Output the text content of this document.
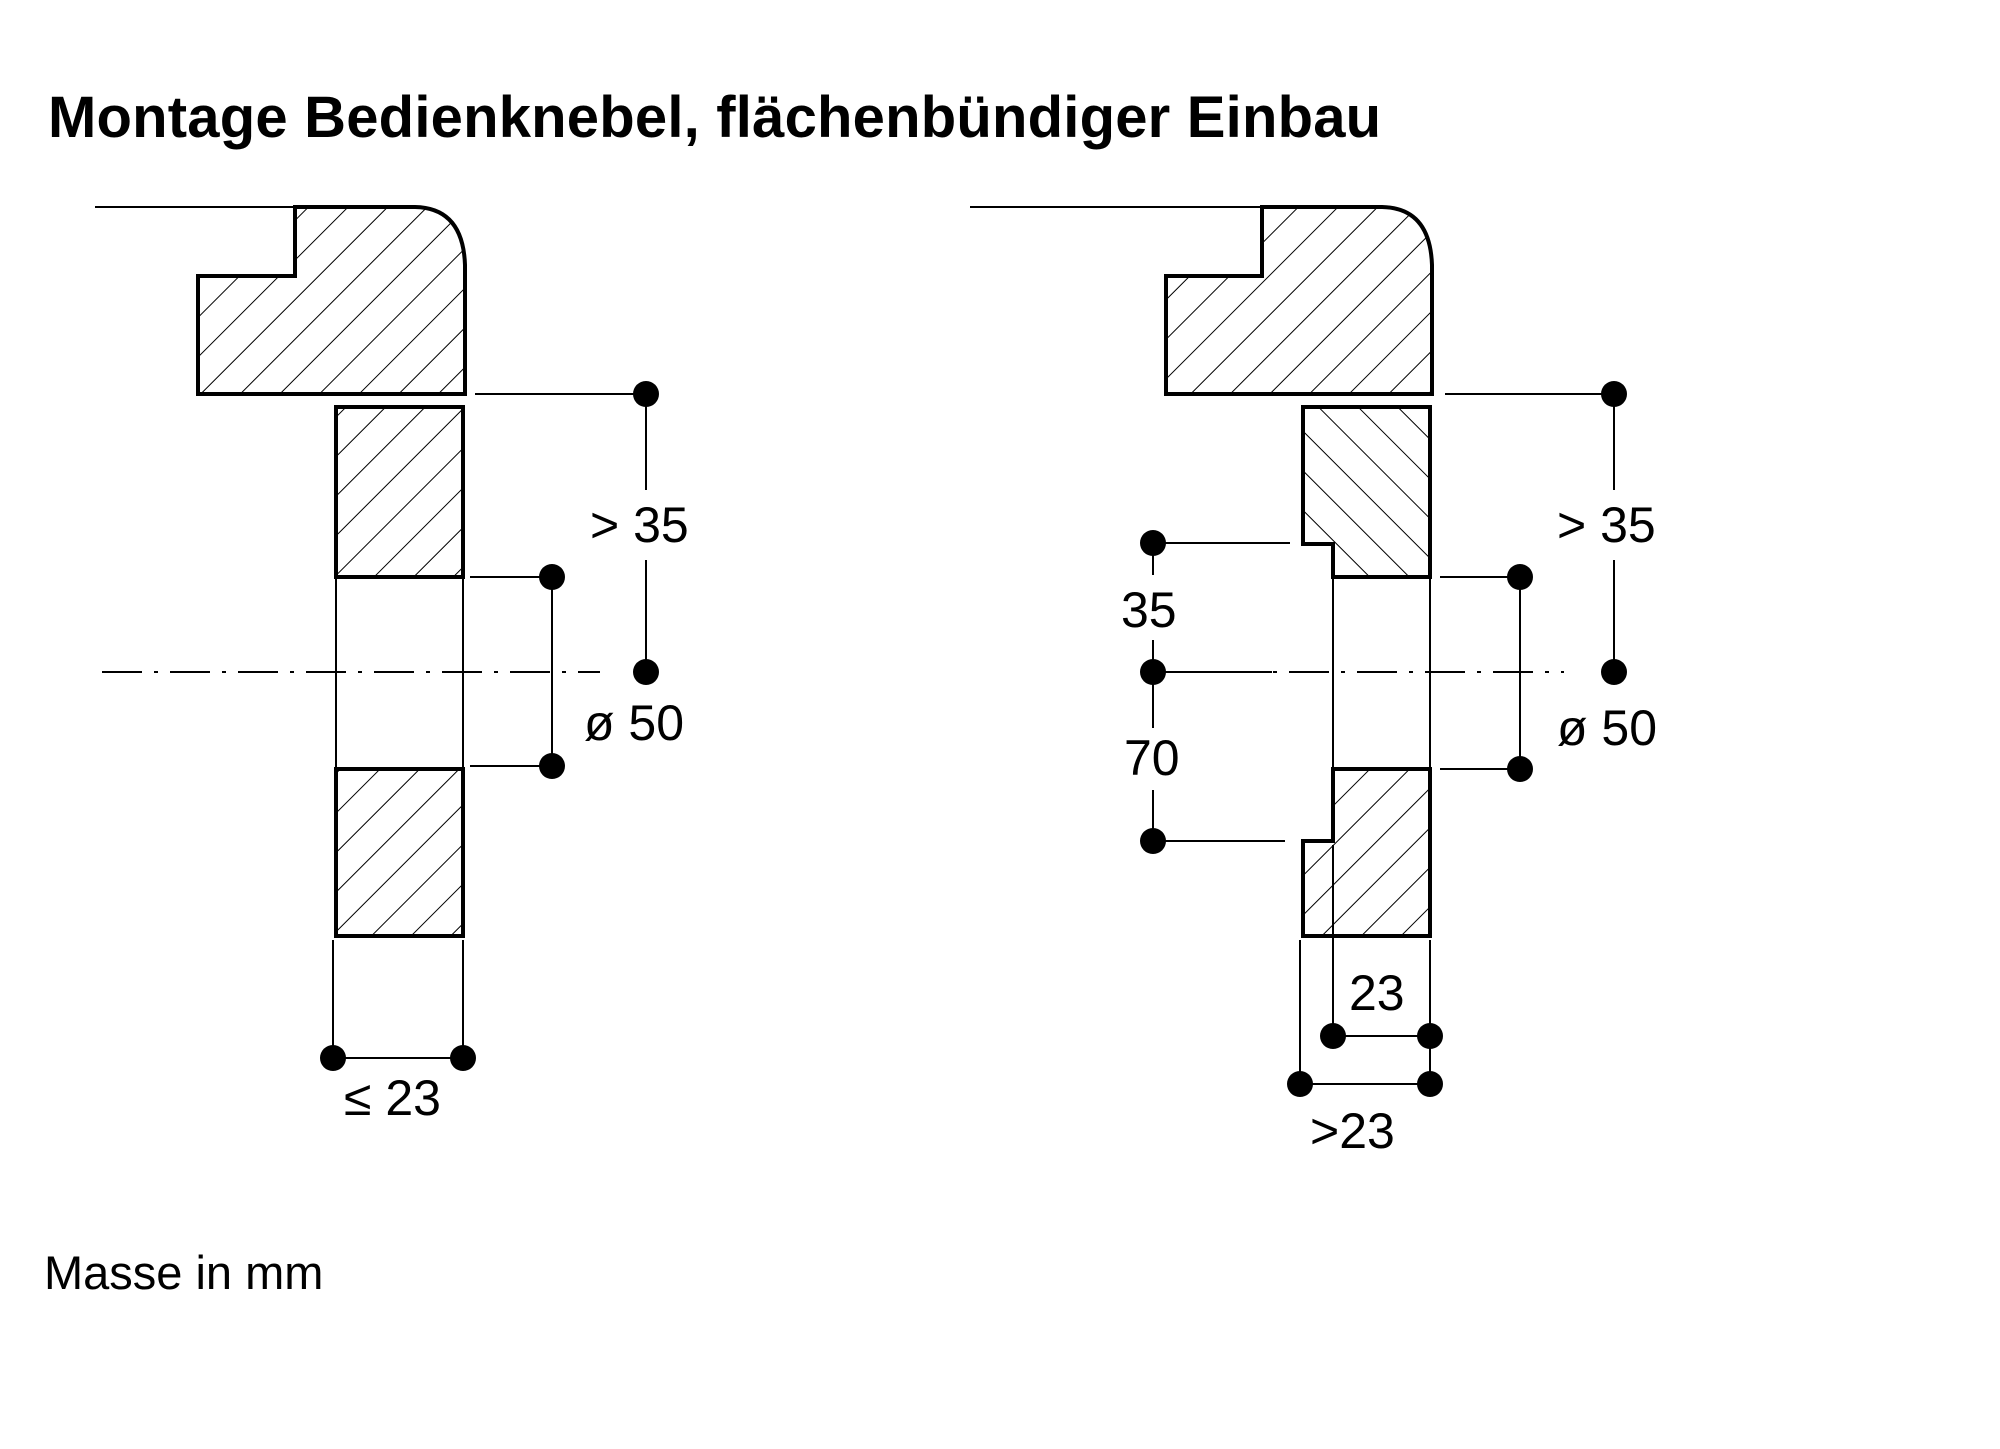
Montage Bedienknebel, flächenbündiger Einbau
> 35
ø 50
≤ 23
> 35
ø 50
35
70
23
>23
Masse in mm
